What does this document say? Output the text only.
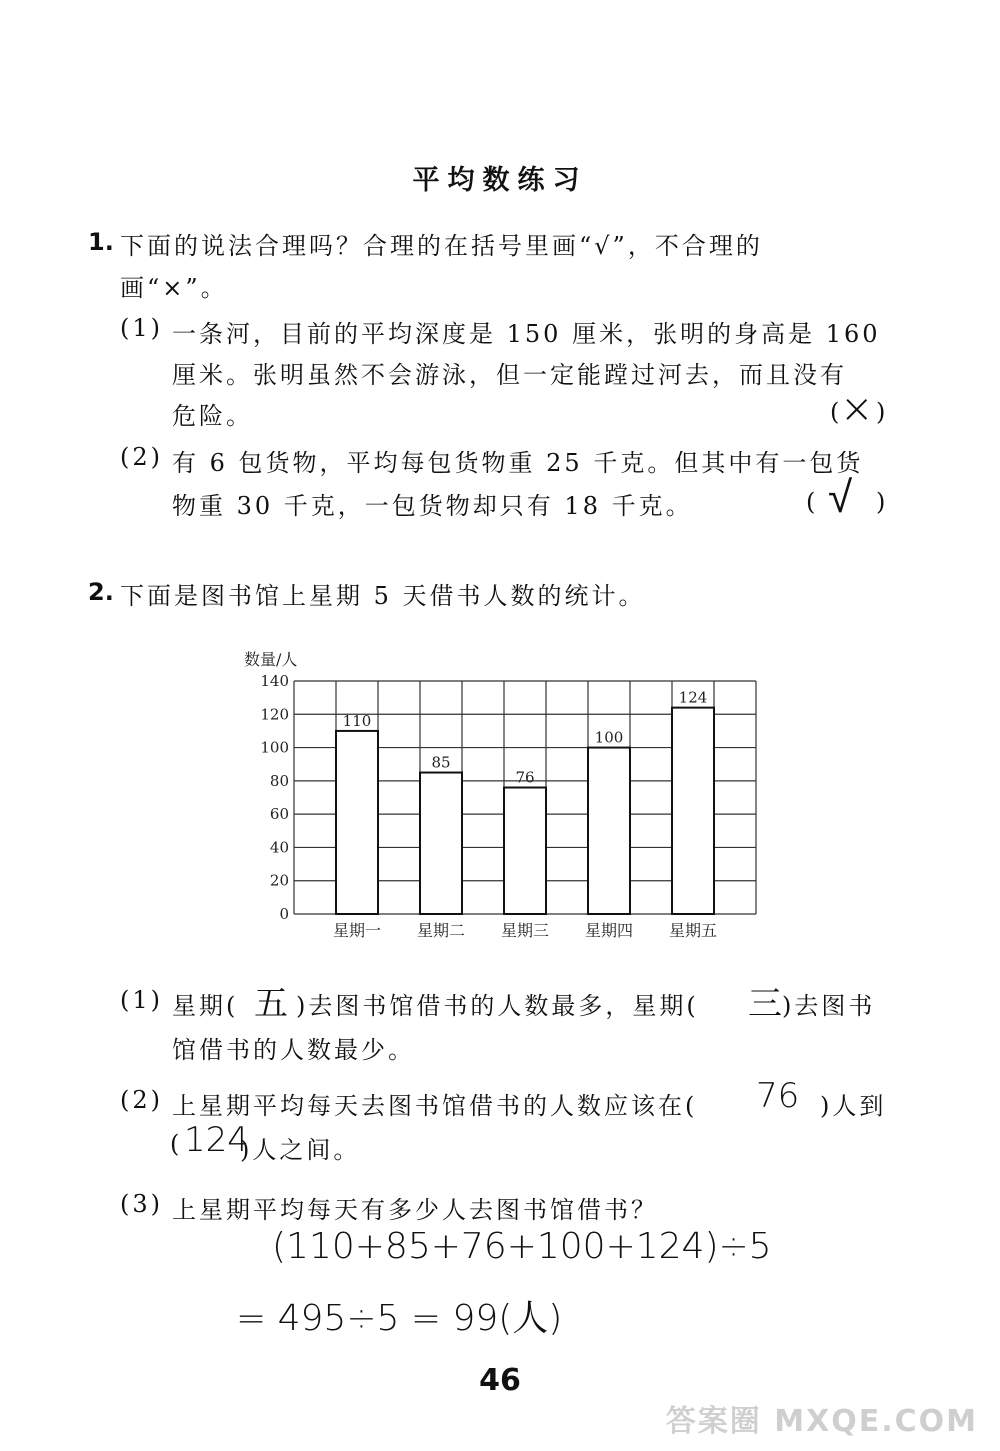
平均数练习
1. 下面的说法合理吗？合理的在括号里画“√”，不合理的
画“×”。
(1) 一条河，目前的平均深度是 150 厘米，张明的身高是 160
厘米。张明虽然不会游泳，但一定能蹚过河去，而且没有
危险。	( × )
(2) 有 6 包货物，平均每包货物重 25 千克。但其中有一包货
物重 30 千克，一包货物却只有 18 千克。	( √ )
2. 下面是图书馆上星期 5 天借书人数的统计。
数量/人
0
20
40
60
80
100
120
140
110
星期一
85
星期二
76
星期三
100
星期四
124
星期五
(1) 星期( 五 )去图书馆借书的人数最多，星期( 三 )去图书
馆借书的人数最少。
(2) 上星期平均每天去图书馆借书的人数应该在( 76 )人到
( 124
)人之间。
(3) 上星期平均每天有多少人去图书馆借书？
(110+85+76+100+124)÷5
= 495÷5 = 99(人)
46
答案圈 MXQE.COM
